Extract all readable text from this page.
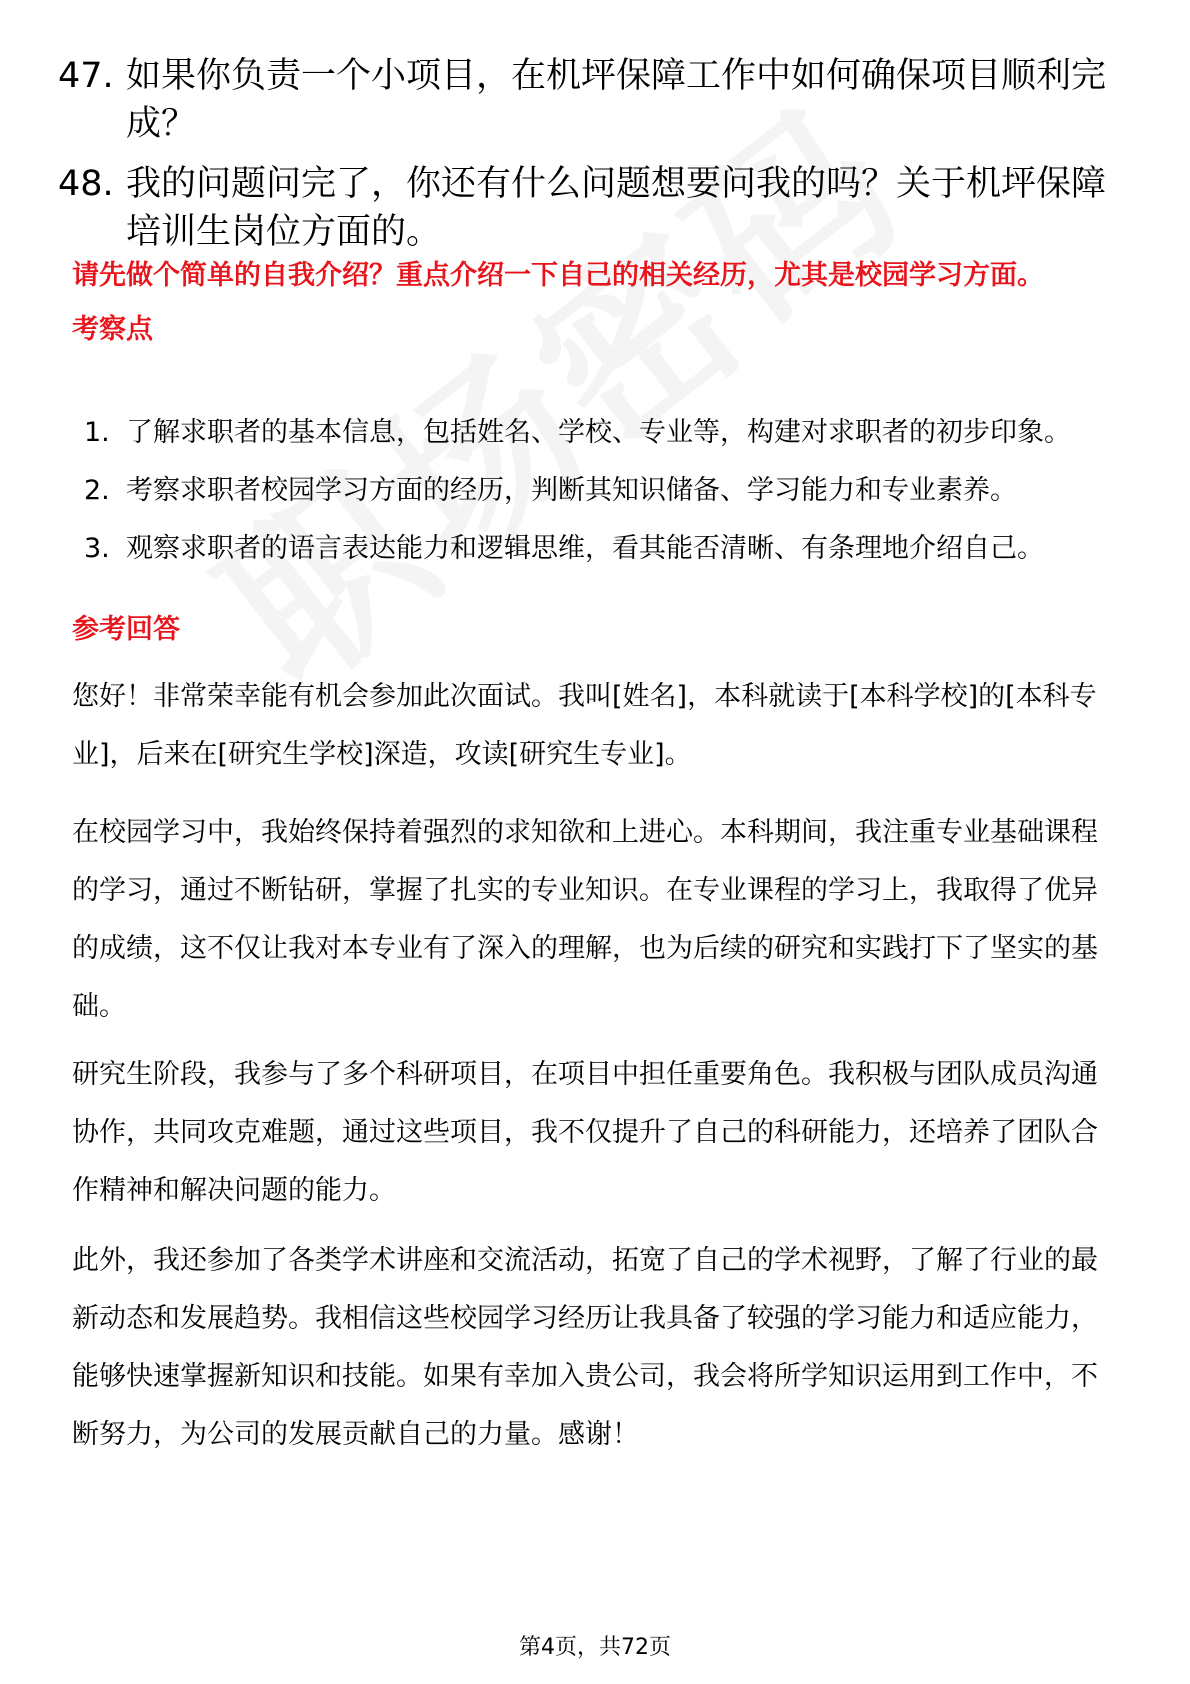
47. 如果你负责一个小项目，在机坪保障工作中如何确保项目顺利完成？
48. 我的问题问完了，你还有什么问题想要问我的吗？关于机坪保障培训生岗位方面的。
请先做个简单的自我介绍？重点介绍一下自己的相关经历，尤其是校园学习方面。
考察点
1. 了解求职者的基本信息，包括姓名、学校、专业等，构建对求职者的初步印象。
2. 考察求职者校园学习方面的经历，判断其知识储备、学习能力和专业素养。
3. 观察求职者的语言表达能力和逻辑思维，看其能否清晰、有条理地介绍自己。
参考回答

您好！非常荣幸能有机会参加此次面试。我叫[姓名]，本科就读于[本科学校]的[本科专业]，后来在[研究生学校]深造，攻读[研究生专业]。

在校园学习中，我始终保持着强烈的求知欲和上进心。本科期间，我注重专业基础课程的学习，通过不断钻研，掌握了扎实的专业知识。在专业课程的学习上，我取得了优异的成绩，这不仅让我对本专业有了深入的理解，也为后续的研究和实践打下了坚实的基础。

研究生阶段，我参与了多个科研项目，在项目中担任重要角色。我积极与团队成员沟通协作，共同攻克难题，通过这些项目，我不仅提升了自己的科研能力，还培养了团队合作精神和解决问题的能力。

此外，我还参加了各类学术讲座和交流活动，拓宽了自己的学术视野，了解了行业的最新动态和发展趋势。我相信这些校园学习经历让我具备了较强的学习能力和适应能力，能够快速掌握新知识和技能。如果有幸加入贵公司，我会将所学知识运用到工作中，不断努力，为公司的发展贡献自己的力量。感谢！

第4页，共72页
